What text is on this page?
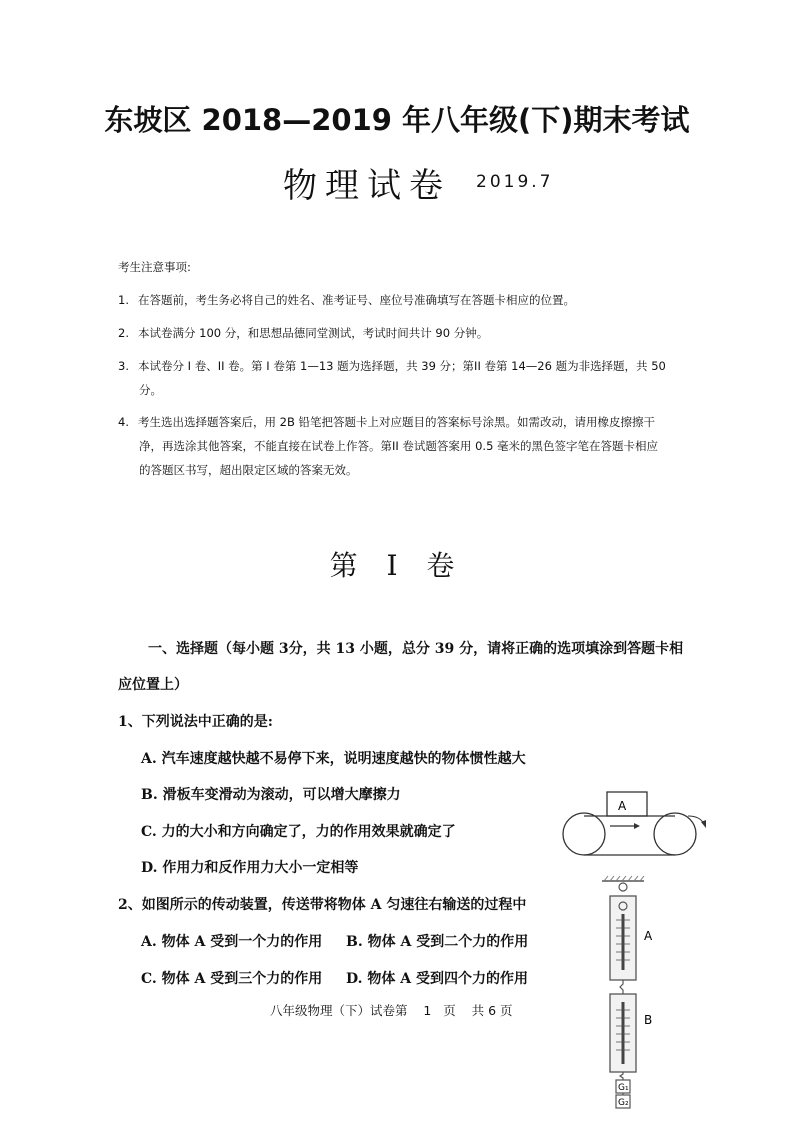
东坡区 2018—2019 年八年级(下)期末考试
物理试卷 2019.7
考生注意事项:
1. 在答题前，考生务必将自己的姓名、准考证号、座位号准确填写在答题卡相应的位置。
2. 本试卷满分 100 分，和思想品德同堂测试，考试时间共计 90 分钟。
3. 本试卷分 I 卷、II 卷。第 I 卷第 1—13 题为选择题，共 39 分；第II 卷第 14—26 题为非选择题，共 50
分。
4. 考生选出选择题答案后，用 2B 铅笔把答题卡上对应题目的答案标号涂黑。如需改动，请用橡皮擦擦干
净，再选涂其他答案，不能直接在试卷上作答。第II 卷试题答案用 0.5 毫米的黑色签字笔在答题卡相应
的答题区书写，超出限定区域的答案无效。
第 I 卷
一、选择题（每小题 3分，共 13 小题，总分 39 分，请将正确的选项填涂到答题卡相
应位置上）
1、下列说法中正确的是:
A. 汽车速度越快越不易停下来，说明速度越快的物体惯性越大
B. 滑板车变滑动为滚动，可以增大摩擦力
C. 力的大小和方向确定了，力的作用效果就确定了
D. 作用力和反作用力大小一定相等
2、如图所示的传动装置，传送带将物体 A 匀速往右输送的过程中
A. 物体 A 受到一个力的作用 B. 物体 A 受到二个力的作用
C. 物体 A 受到三个力的作用 D. 物体 A 受到四个力的作用
A
A
B
G₁
G₂
八年级物理（下）试卷第    1   页    共 6 页
